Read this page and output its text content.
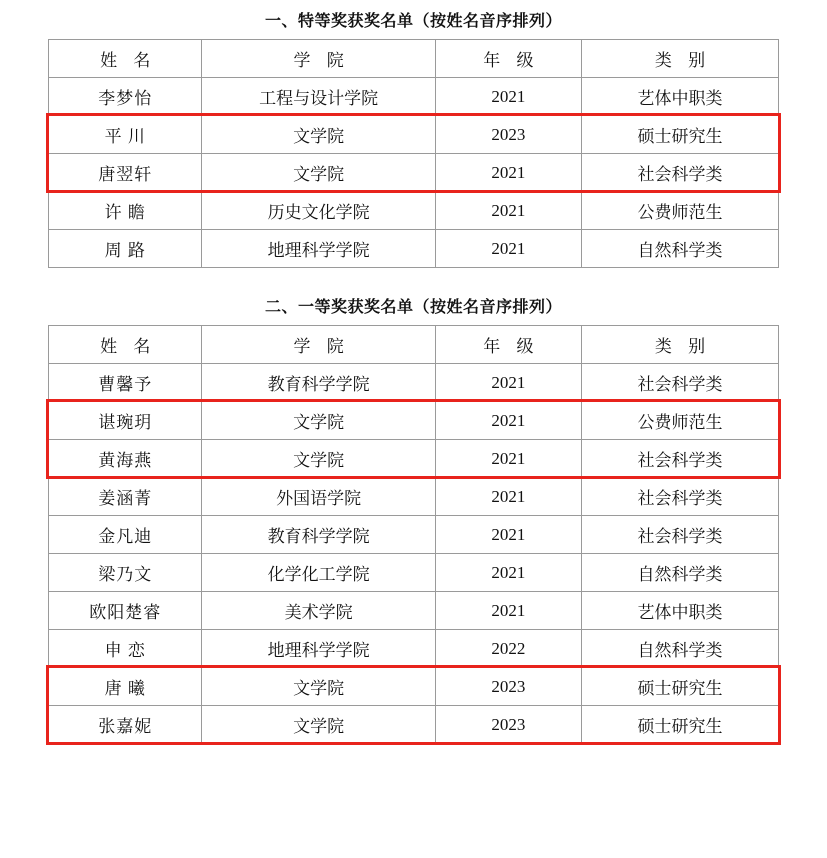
一、特等奖获奖名单（按姓名音序排列）
姓 名	学 院	年 级	类 别
李梦怡	工程与设计学院	2021	艺体中职类
平 川	文学院	2023	硕士研究生
唐翌轩	文学院	2021	社会科学类
许 瞻	历史文化学院	2021	公费师范生
周 路	地理科学学院	2021	自然科学类
二、一等奖获奖名单（按姓名音序排列）
姓 名	学 院	年 级	类 别
曹馨予	教育科学学院	2021	社会科学类
谌琬玥	文学院	2021	公费师范生
黄海燕	文学院	2021	社会科学类
姜涵菁	外国语学院	2021	社会科学类
金凡迪	教育科学学院	2021	社会科学类
梁乃文	化学化工学院	2021	自然科学类
欧阳楚睿	美术学院	2021	艺体中职类
申 恋	地理科学学院	2022	自然科学类
唐 曦	文学院	2023	硕士研究生
张嘉妮	文学院	2023	硕士研究生
